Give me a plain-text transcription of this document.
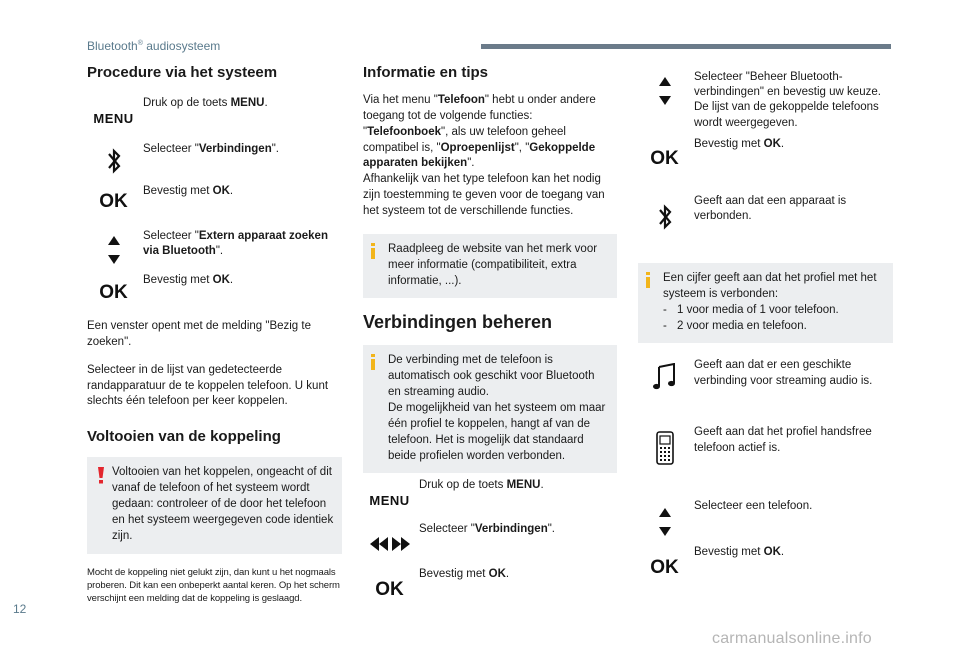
Bluetooth® audiosysteem
Procedure via het systeem
MENU
Druk op de toets MENU.
Selecteer "Verbindingen".
OK Bevestig met OK.
Selecteer "Extern apparaat zoeken via Bluetooth".
OK
Bevestig met OK.

Een venster opent met de melding "Bezig te zoeken".

Selecteer in de lijst van gedetecteerde randapparatuur de te koppelen telefoon. U kunt slechts één telefoon per keer koppelen.

Voltooien van de koppeling
Voltooien van het koppelen, ongeacht of dit vanaf de telefoon of het systeem wordt gedaan: controleer of de door het telefoon en het systeem weergegeven code identiek zijn.

Mocht de koppeling niet gelukt zijn, dan kunt u het nogmaals proberen. Dit kan een onbeperkt aantal keren. Op het scherm verschijnt een melding dat de koppeling is geslaagd.

Informatie en tips

Via het menu "Telefoon" hebt u onder andere toegang tot de volgende functies: "Telefoonboek", als uw telefoon geheel compatibel is, "Oproepenlijst", "Gekoppelde apparaten bekijken".

Afhankelijk van het type telefoon kan het nodig zijn toestemming te geven voor de toegang van het systeem tot de verschillende functies.

Raadpleeg de website van het merk voor meer informatie (compatibiliteit, extra informatie, ...).
Verbindingen beheren
De verbinding met de telefoon is automatisch ook geschikt voor Bluetooth en streaming audio.
De mogelijkheid van het systeem om maar één profiel te koppelen, hangt af van de telefoon. Het is mogelijk dat standaard beide profielen worden verbonden.
MENU
Druk op de toets MENU.
Selecteer "Verbindingen".
OK
Bevestig met OK.
Selecteer "Beheer Bluetooth-verbindingen" en bevestig uw keuze. De lijst van de gekoppelde telefoons wordt weergegeven.
OK
Bevestig met OK.
Geeft aan dat een apparaat is verbonden.
Een cijfer geeft aan dat het profiel met het systeem is verbonden:
- 1 voor media of 1 voor telefoon.
- 2 voor media en telefoon.
Geeft aan dat er een geschikte verbinding voor streaming audio is.
Geeft aan dat het profiel handsfree telefoon actief is.
Selecteer een telefoon.
OK
Bevestig met OK.
12
carmanualsonline.info
